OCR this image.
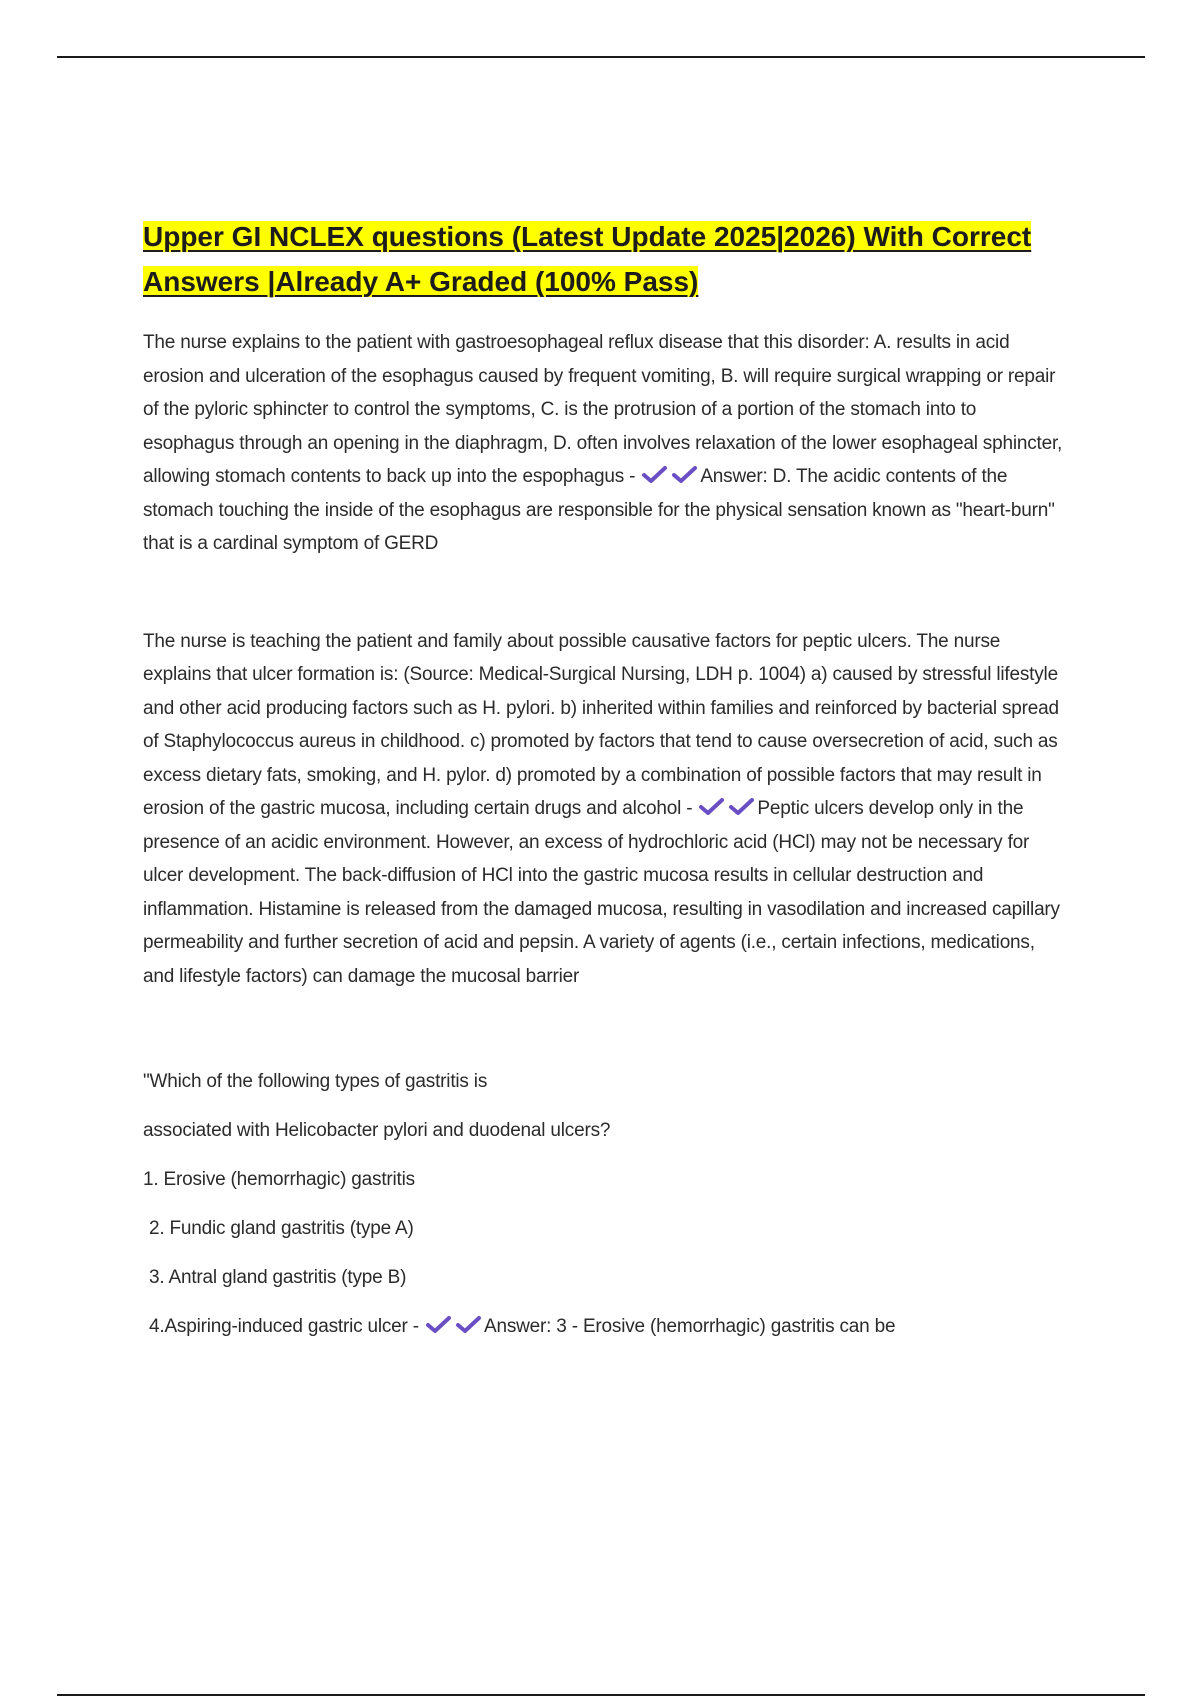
Upper GI NCLEX questions (Latest Update 2025|2026) With Correct Answers |Already A+ Graded (100% Pass)

The nurse explains to the patient with gastroesophageal reflux disease that this disorder: A. results in acid erosion and ulceration of the esophagus caused by frequent vomiting, B. will require surgical wrapping or repair of the pyloric sphincter to control the symptoms, C. is the protrusion of a portion of the stomach into to esophagus through an opening in the diaphragm, D. often involves relaxation of the lower esophageal sphincter, allowing stomach contents to back up into the espophagus -	Answer: D. The acidic contents of the stomach touching the inside of the esophagus are responsible for the physical sensation known as "heart-burn" that is a cardinal symptom of GERD

The nurse is teaching the patient and family about possible causative factors for peptic ulcers. The nurse explains that ulcer formation is: (Source: Medical-Surgical Nursing, LDH p. 1004) a) caused by stressful lifestyle and other acid producing factors such as H. pylori. b) inherited within families and reinforced by bacterial spread of Staphylococcus aureus in childhood. c) promoted by factors that tend to cause oversecretion of acid, such as excess dietary fats, smoking, and H. pylor. d) promoted by a combination of possible factors that may result in erosion of the gastric mucosa, including certain drugs and alcohol -	Peptic ulcers develop only in the presence of an acidic environment. However, an excess of hydrochloric acid (HCl) may not be necessary for ulcer development. The back-diffusion of HCl into the gastric mucosa results in cellular destruction and inflammation. Histamine is released from the damaged mucosa, resulting in vasodilation and increased capillary permeability and further secretion of acid and pepsin. A variety of agents (i.e., certain infections, medications, and lifestyle factors) can damage the mucosal barrier

"Which of the following types of gastritis is

associated with Helicobacter pylori and duodenal ulcers?

1. Erosive (hemorrhagic) gastritis

2. Fundic gland gastritis (type A)

3. Antral gland gastritis (type B)

4.Aspiring-induced gastric ulcer -	Answer: 3 - Erosive (hemorrhagic) gastritis can be
